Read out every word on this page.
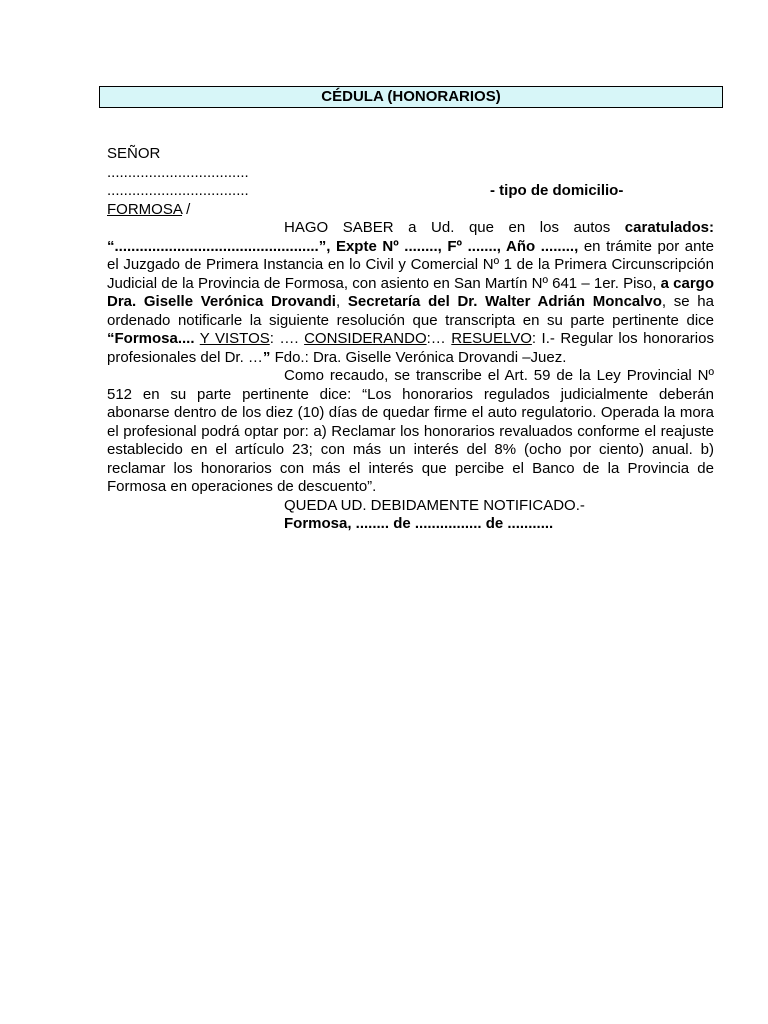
CÉDULA (HONORARIOS)
SEÑOR
..................................
..................................	- tipo de domicilio-
FORMOSA /

HAGO SABER a Ud. que en los autos caratulados: “.................................................”, Expte Nº ........, Fº ......., Año ........, en trámite por ante el Juzgado de Primera Instancia en lo Civil y Comercial Nº 1 de la Primera Circunscripción Judicial de la Provincia de Formosa, con asiento en San Martín Nº 641 – 1er. Piso, a cargo Dra. Giselle Verónica Drovandi, Secretaría del Dr. Walter Adrián Moncalvo, se ha ordenado notificarle la siguiente resolución que transcripta en su parte pertinente dice “Formosa.... Y VISTOS: …. CONSIDERANDO:… RESUELVO: I.- Regular los honorarios profesionales del Dr. …” Fdo.: Dra. Giselle Verónica Drovandi –Juez.

Como recaudo, se transcribe el Art. 59 de la Ley Provincial Nº 512 en su parte pertinente dice: “Los honorarios regulados judicialmente deberán abonarse dentro de los diez (10) días de quedar firme el auto regulatorio. Operada la mora el profesional podrá optar por: a) Reclamar los honorarios revaluados conforme el reajuste establecido en el artículo 23; con más un interés del 8% (ocho por ciento) anual. b) reclamar los honorarios con más el interés que percibe el Banco de la Provincia de Formosa en operaciones de descuento”.

QUEDA UD. DEBIDAMENTE NOTIFICADO.-
Formosa, ........ de ................ de ...........
